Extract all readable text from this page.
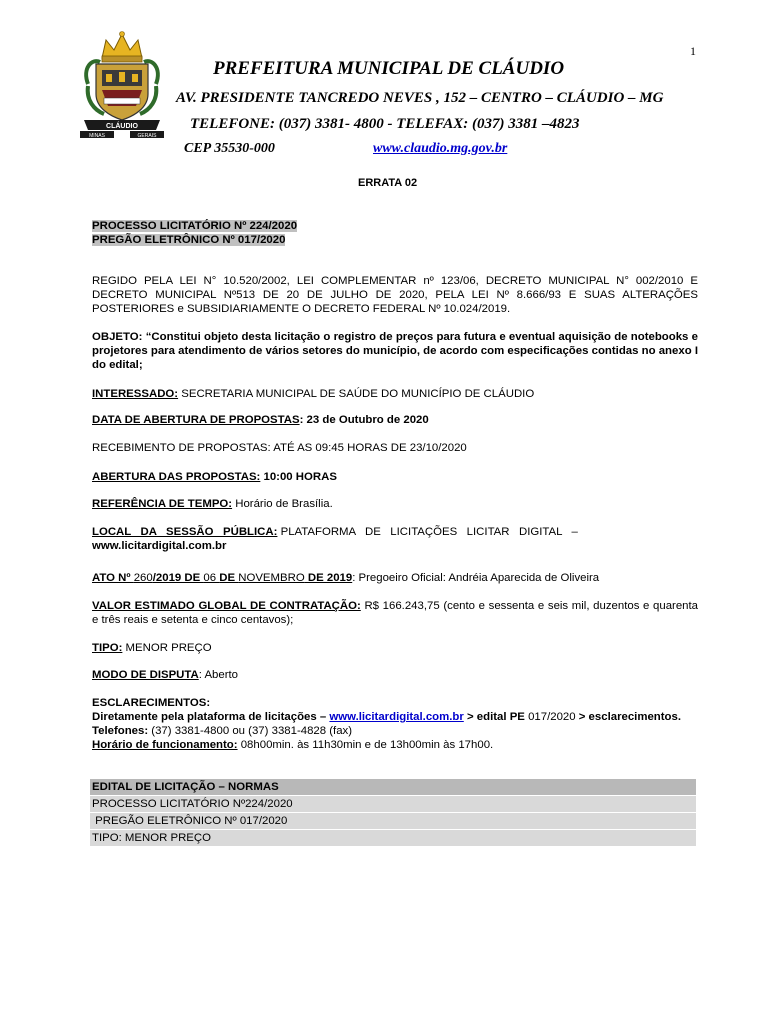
1
CLÁUDIO
MINAS	GERAIS
PREFEITURA MUNICIPAL DE CLÁUDIO
AV. PRESIDENTE TANCREDO NEVES , 152 – CENTRO – CLÁUDIO – MG
TELEFONE: (037) 3381- 4800 - TELEFAX: (037) 3381 –4823
CEP 35530-000	www.claudio.mg.gov.br
ERRATA 02
PROCESSO LICITATÓRIO Nº 224/2020
PREGÃO ELETRÔNICO Nº 017/2020
REGIDO PELA LEI N° 10.520/2002, LEI COMPLEMENTAR nº 123/06, DECRETO MUNICIPAL N° 002/2010 E DECRETO MUNICIPAL Nº513 DE 20 DE JULHO DE 2020, PELA LEI Nº 8.666/93 E SUAS ALTERAÇÕES POSTERIORES e SUBSIDIARIAMENTE O DECRETO FEDERAL Nº 10.024/2019.
OBJETO: “Constitui objeto desta licitação o registro de preços para futura e eventual aquisição de notebooks e projetores para atendimento de vários setores do município, de acordo com especificações contidas no anexo I do edital;
INTERESSADO: SECRETARIA MUNICIPAL DE SAÚDE DO MUNICÍPIO DE CLÁUDIO
DATA DE ABERTURA DE PROPOSTAS: 23 de Outubro de 2020
RECEBIMENTO DE PROPOSTAS: ATÉ AS 09:45 HORAS DE 23/10/2020
ABERTURA DAS PROPOSTAS: 10:00 HORAS
REFERÊNCIA DE TEMPO: Horário de Brasília.
LOCAL   DA   SESSÃO   PÚBLICA: PLATAFORMA   DE   LICITAÇÕES   LICITAR   DIGITAL   –
www.licitardigital.com.br
ATO Nº 260/2019 DE 06 DE NOVEMBRO DE 2019: Pregoeiro Oficial: Andréia Aparecida de Oliveira
VALOR ESTIMADO GLOBAL DE CONTRATAÇÃO: R$ 166.243,75 (cento e sessenta e seis mil, duzentos e quarenta e três reais e setenta e cinco centavos);
TIPO: MENOR PREÇO
MODO DE DISPUTA: Aberto
ESCLARECIMENTOS:
Diretamente pela plataforma de licitações – www.licitardigital.com.br > edital PE 017/2020 > esclarecimentos.
Telefones: (37) 3381-4800 ou (37) 3381-4828 (fax)
Horário de funcionamento: 08h00min. às 11h30min e de 13h00min às 17h00.
EDITAL DE LICITAÇÃO – NORMAS
PROCESSO LICITATÓRIO Nº224/2020
PREGÃO ELETRÔNICO Nº 017/2020
TIPO: MENOR PREÇO
